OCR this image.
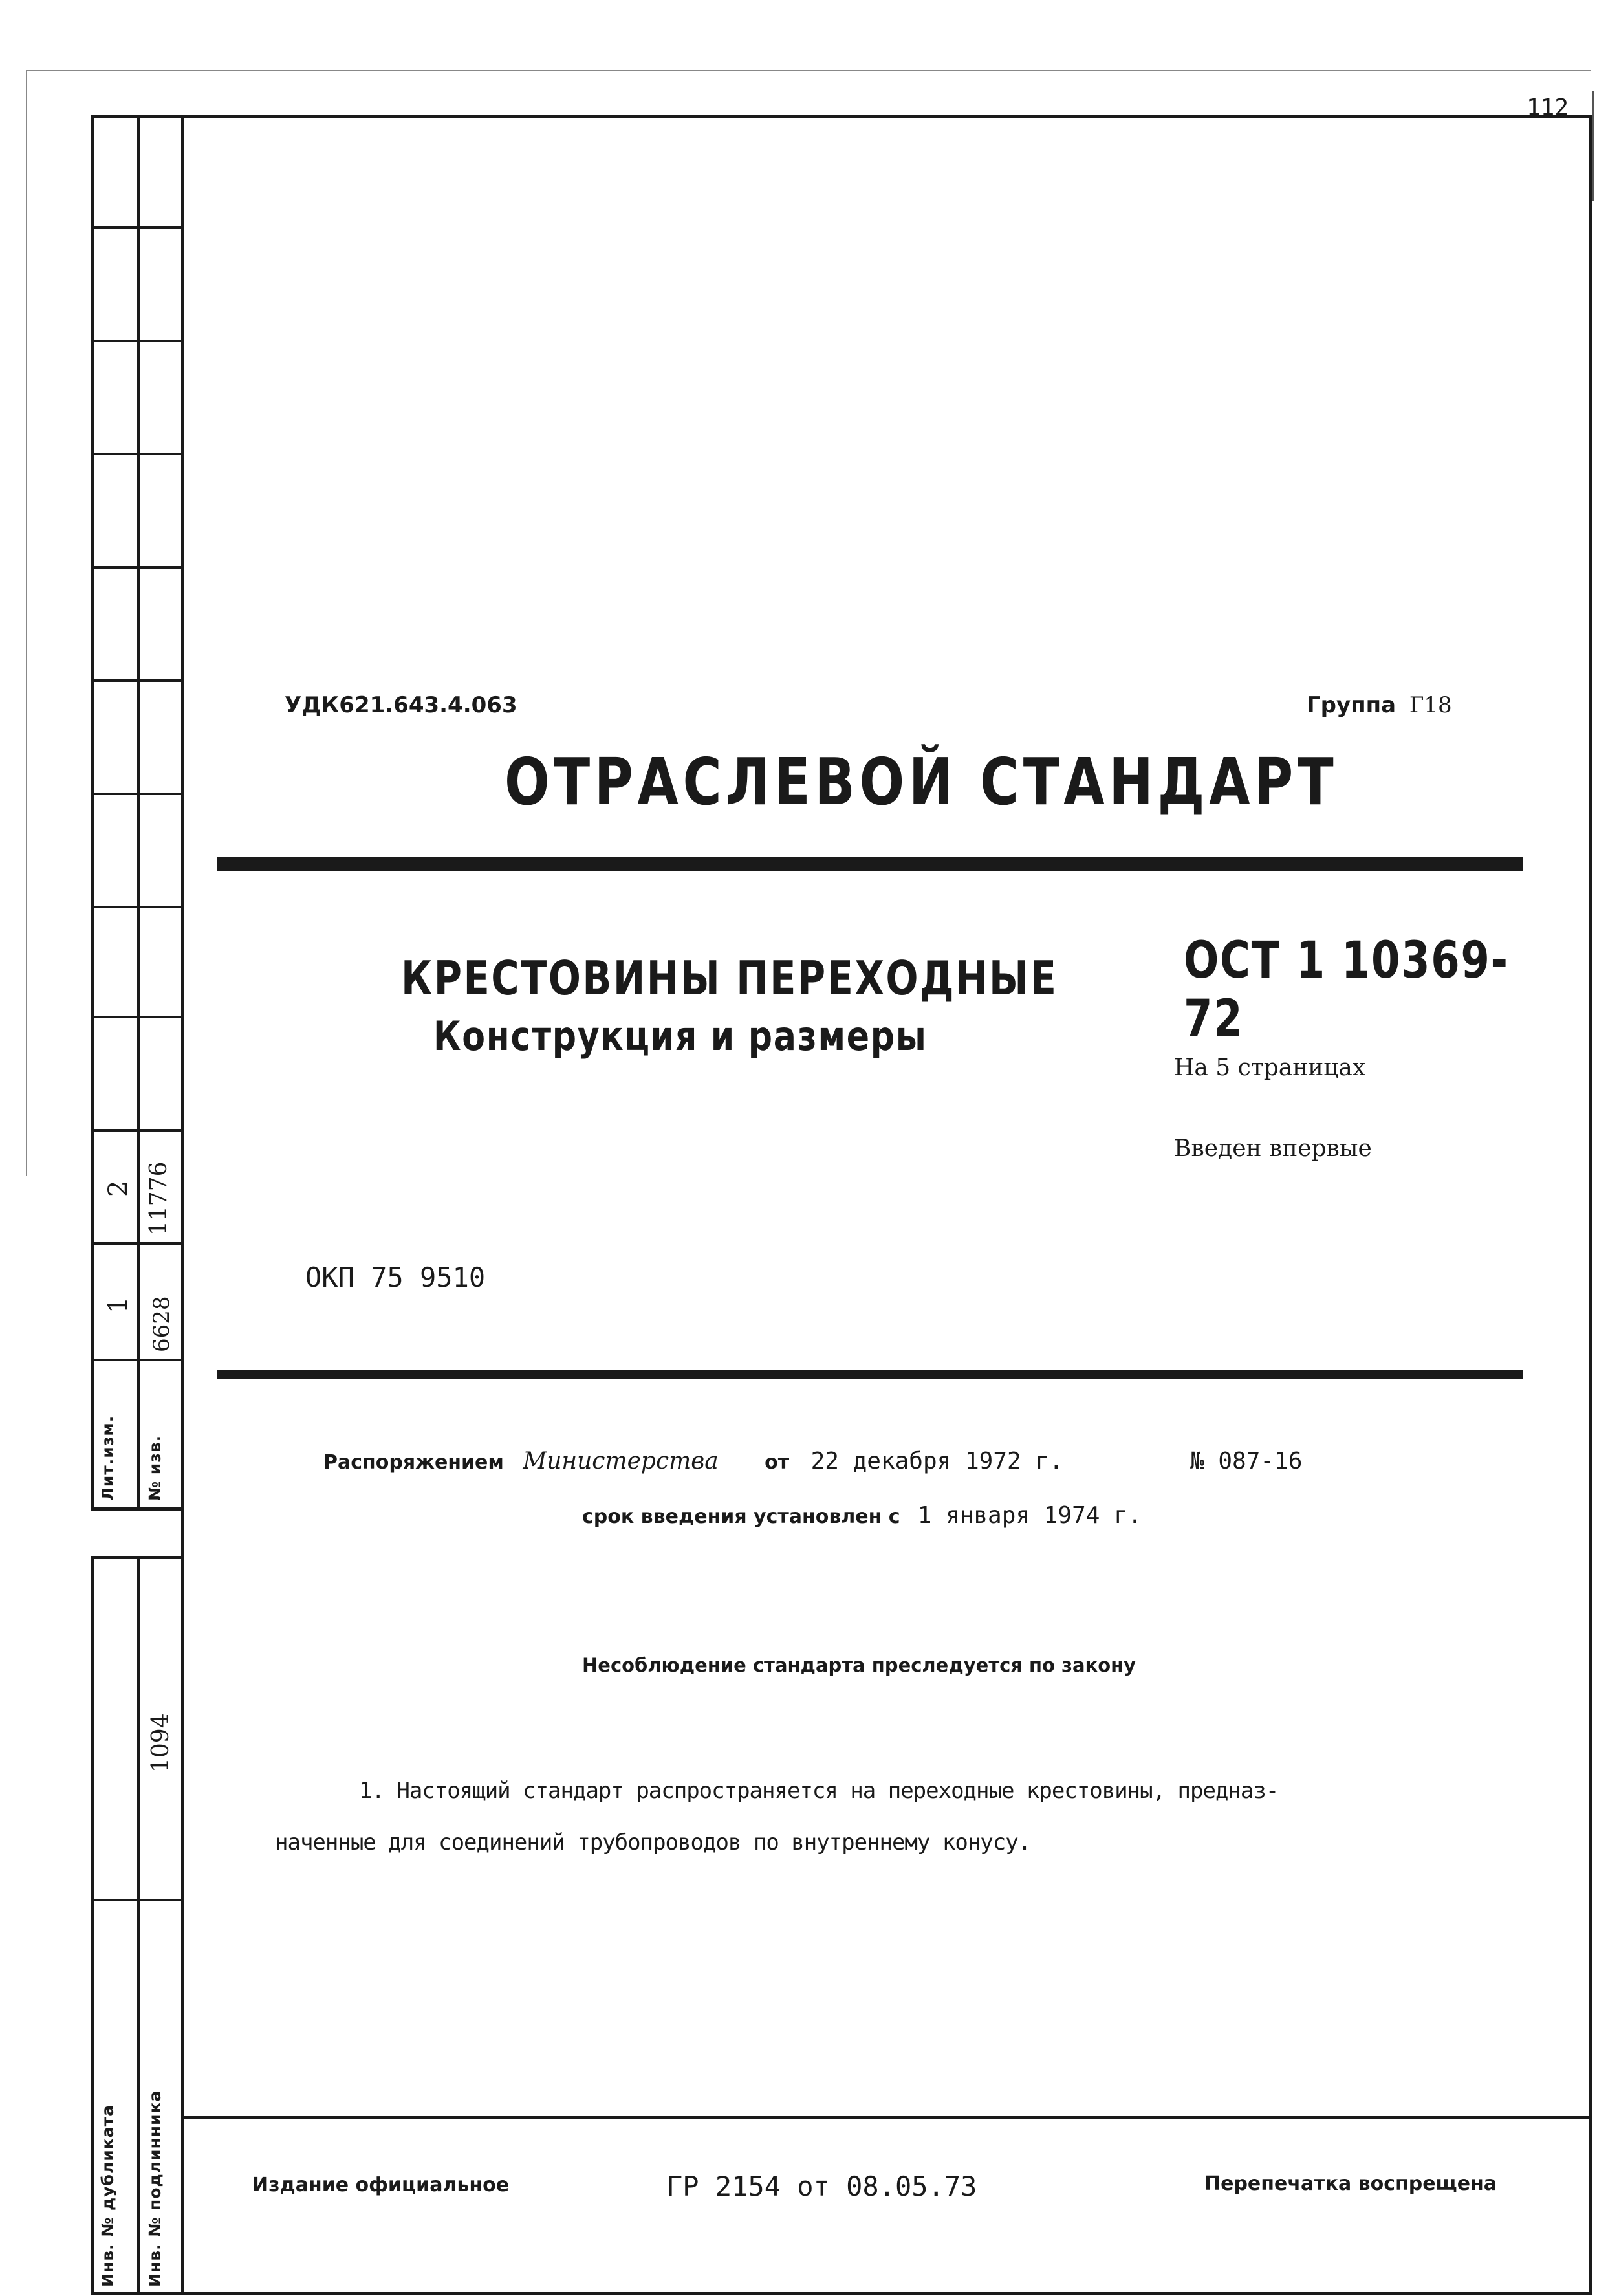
Лит.изм. № изв.
1 6628
2 11776
1094
Инв. № дубликата Инв. № подлинника
112
УДК621.643.4.063	Группа Г18
ОТРАСЛЕВОЙ СТАНДАРТ
КРЕСТОВИНЫ ПЕРЕХОДНЫЕ
Конструкция и размеры
ОСТ 1 10369-72
На 5 страницах
Введен впервые
ОКП 75 9510
Распоряжением Министерства от 22 декабря 1972 г.	№ 087-16
срок введения установлен с 1 января 1974 г.
Несоблюдение стандарта преследуется по закону
1. Настоящий стандарт распространяется на переходные крестовины, предназ-
наченные для соединений трубопроводов по внутреннему конусу.
Издание официальное	ГР 2154 от 08.05.73	Перепечатка воспрещена
